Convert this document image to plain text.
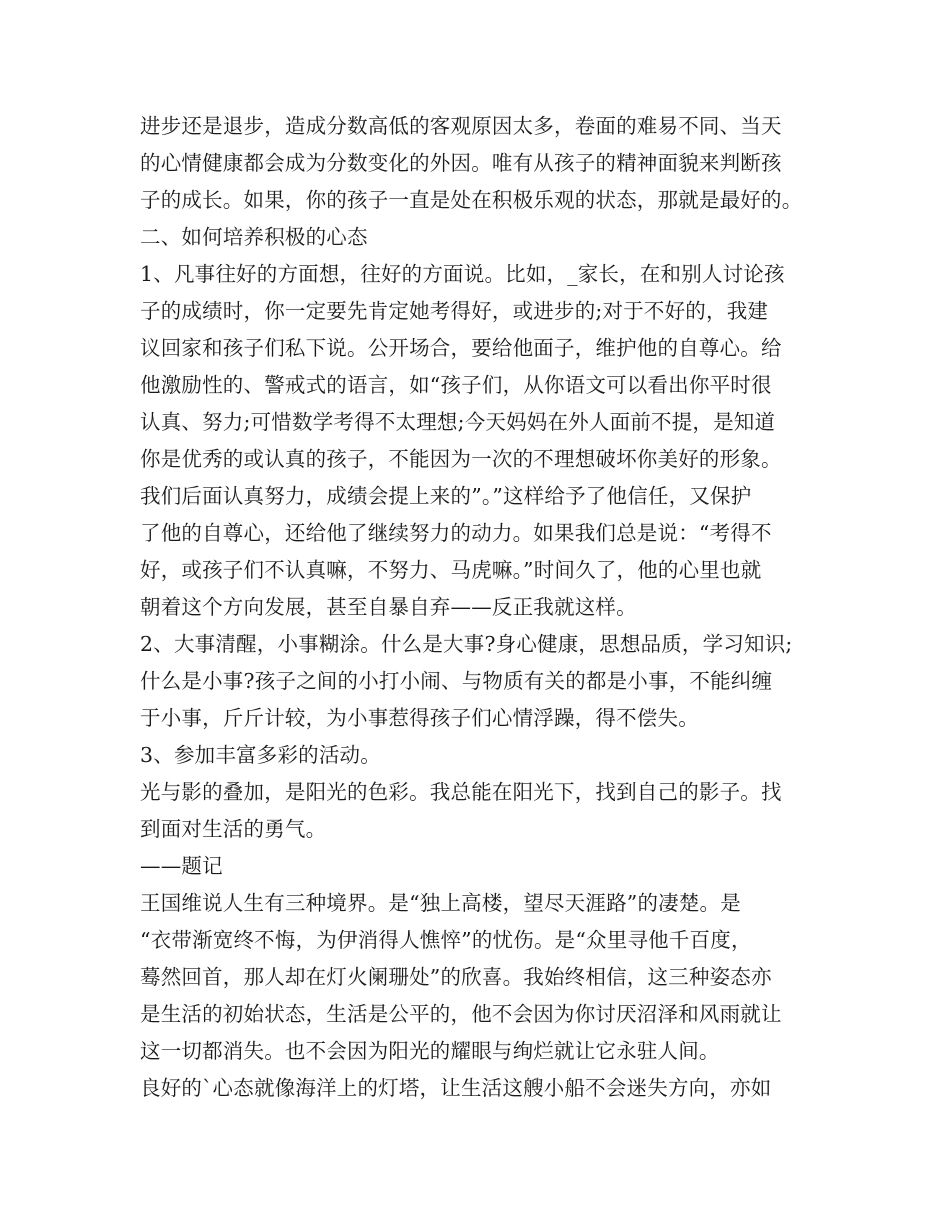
进步还是退步，造成分数高低的客观原因太多，卷面的难易不同、当天
的心情健康都会成为分数变化的外因。唯有从孩子的精神面貌来判断孩
子的成长。如果，你的孩子一直是处在积极乐观的状态，那就是最好的。
二、如何培养积极的心态
1、凡事往好的方面想，往好的方面说。比如，_家长，在和别人讨论孩
子的成绩时，你一定要先肯定她考得好，或进步的;对于不好的，我建
议回家和孩子们私下说。公开场合，要给他面子，维护他的自尊心。给
他激励性的、警戒式的语言，如“孩子们，从你语文可以看出你平时很
认真、努力;可惜数学考得不太理想;今天妈妈在外人面前不提，是知道
你是优秀的或认真的孩子，不能因为一次的不理想破坏你美好的形象。
我们后面认真努力，成绩会提上来的”。”这样给予了他信任，又保护
了他的自尊心，还给他了继续努力的动力。如果我们总是说：“考得不
好，或孩子们不认真嘛，不努力、马虎嘛。”时间久了，他的心里也就
朝着这个方向发展，甚至自暴自弃——反正我就这样。
2、大事清醒，小事糊涂。什么是大事?身心健康，思想品质，学习知识;
什么是小事?孩子之间的小打小闹、与物质有关的都是小事，不能纠缠
于小事，斤斤计较，为小事惹得孩子们心情浮躁，得不偿失。
3、参加丰富多彩的活动。
光与影的叠加，是阳光的色彩。我总能在阳光下，找到自己的影子。找
到面对生活的勇气。
——题记
王国维说人生有三种境界。是“独上高楼，望尽天涯路”的凄楚。是
“衣带渐宽终不悔，为伊消得人憔悴”的忧伤。是“众里寻他千百度，
蓦然回首，那人却在灯火阑珊处”的欣喜。我始终相信，这三种姿态亦
是生活的初始状态，生活是公平的，他不会因为你讨厌沼泽和风雨就让
这一切都消失。也不会因为阳光的耀眼与绚烂就让它永驻人间。
良好的`心态就像海洋上的灯塔，让生活这艘小船不会迷失方向，亦如
